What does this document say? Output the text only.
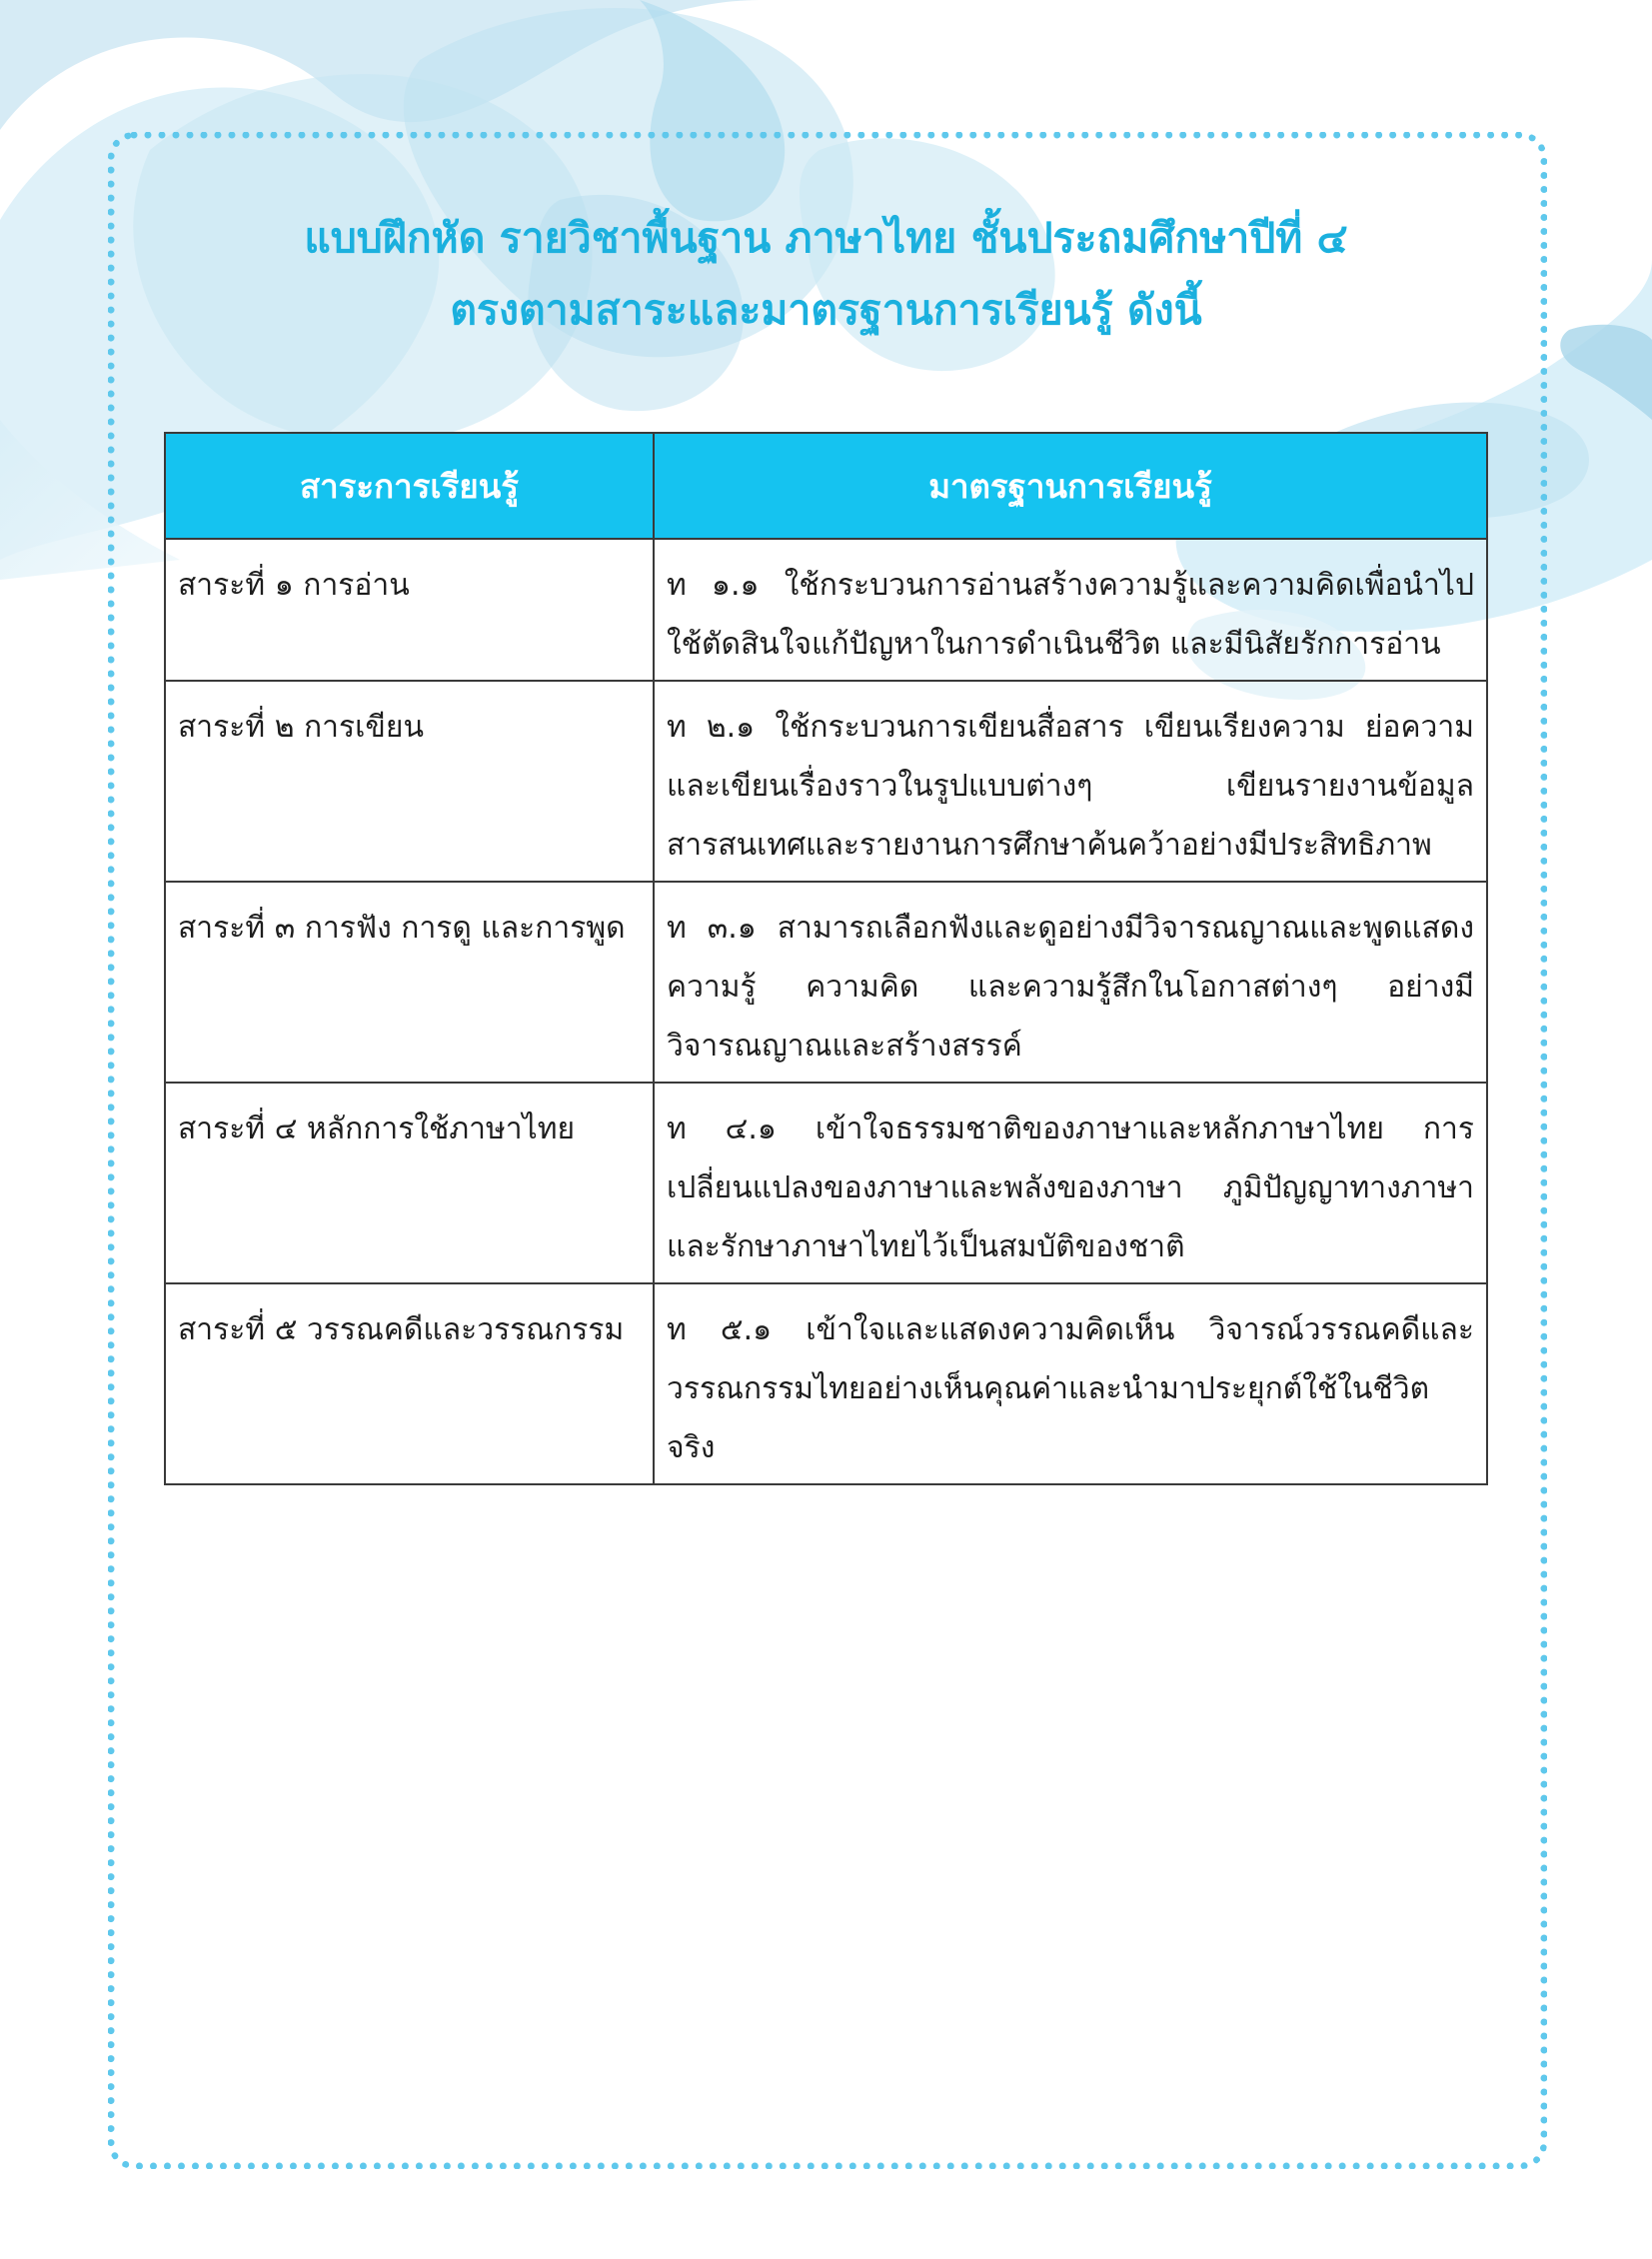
แบบฝึกหัด รายวิชาพื้นฐาน ภาษาไทย ชั้นประถมศึกษาปีที่ ๔
ตรงตามสาระและมาตรฐานการเรียนรู้ ดังนี้
สาระการเรียนรู้	มาตรฐานการเรียนรู้
สาระที่ ๑ การอ่าน	ท ๑.๑ ใช้กระบวนการอ่านสร้างความรู้และความคิดเพื่อนำไปใช้ตัดสินใจแก้ปัญหาในการดำเนินชีวิต และมีนิสัยรักการอ่าน
สาระที่ ๒ การเขียน	ท ๒.๑ ใช้กระบวนการเขียนสื่อสาร เขียนเรียงความ ย่อความ และเขียนเรื่องราวในรูปแบบต่างๆ เขียนรายงานข้อมูลสารสนเทศและรายงานการศึกษาค้นคว้าอย่างมีประสิทธิภาพ
สาระที่ ๓ การฟัง การดู และการพูด	ท ๓.๑ สามารถเลือกฟังและดูอย่างมีวิจารณญาณและพูดแสดงความรู้ ความคิด และความรู้สึกในโอกาสต่างๆ อย่างมีวิจารณญาณและสร้างสรรค์
สาระที่ ๔ หลักการใช้ภาษาไทย	ท ๔.๑ เข้าใจธรรมชาติของภาษาและหลักภาษาไทย การเปลี่ยนแปลงของภาษาและพลังของภาษา ภูมิปัญญาทางภาษาและรักษาภาษาไทยไว้เป็นสมบัติของชาติ
สาระที่ ๕ วรรณคดีและวรรณกรรม	ท ๕.๑ เข้าใจและแสดงความคิดเห็น วิจารณ์วรรณคดีและวรรณกรรมไทยอย่างเห็นคุณค่าและนำมาประยุกต์ใช้ในชีวิตจริง
